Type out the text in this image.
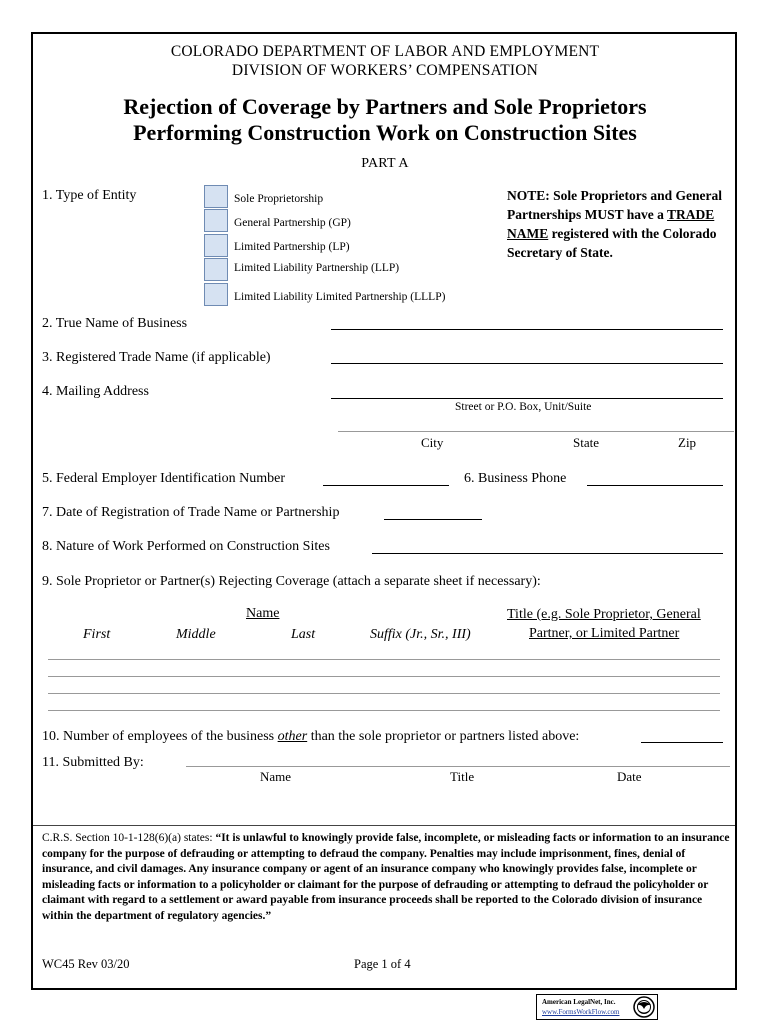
COLORADO DEPARTMENT OF LABOR AND EMPLOYMENT
DIVISION OF WORKERS’ COMPENSATION
Rejection of Coverage by Partners and Sole Proprietors
Performing Construction Work on Construction Sites
PART A
1. Type of Entity	Sole Proprietorship
General Partnership (GP)
Limited Partnership (LP)
Limited Liability Partnership (LLP)
Limited Liability Limited Partnership (LLLP)
NOTE: Sole Proprietors and General Partnerships MUST have a TRADE NAME registered with the Colorado Secretary of State.
2. True Name of Business
3. Registered Trade Name (if applicable)
4. Mailing Address
Street or P.O. Box, Unit/Suite
City	State	Zip
5. Federal Employer Identification Number	6. Business Phone
7. Date of Registration of Trade Name or Partnership
8. Nature of Work Performed on Construction Sites
9. Sole Proprietor or Partner(s) Rejecting Coverage (attach a separate sheet if necessary):
Name
First	Middle	Last	Suffix (Jr., Sr., III)
Title (e.g. Sole Proprietor, General
Partner, or Limited Partner
10. Number of employees of the business other than the sole proprietor or partners listed above:
11. Submitted By:
Name	Title	Date
C.R.S. Section 10-1-128(6)(a) states: “It is unlawful to knowingly provide false, incomplete, or misleading facts or information to an insurance company for the purpose of defrauding or attempting to defraud the company. Penalties may include imprisonment, fines, denial of insurance, and civil damages. Any insurance company or agent of an insurance company who knowingly provides false, incomplete or misleading facts or information to a policyholder or claimant for the purpose of defrauding or attempting to defraud the policyholder or claimant with regard to a settlement or award payable from insurance proceeds shall be reported to the Colorado division of insurance within the department of regulatory agencies.”
WC45 Rev 03/20	Page 1 of 4
American LegalNet, Inc.
www.FormsWorkFlow.com
